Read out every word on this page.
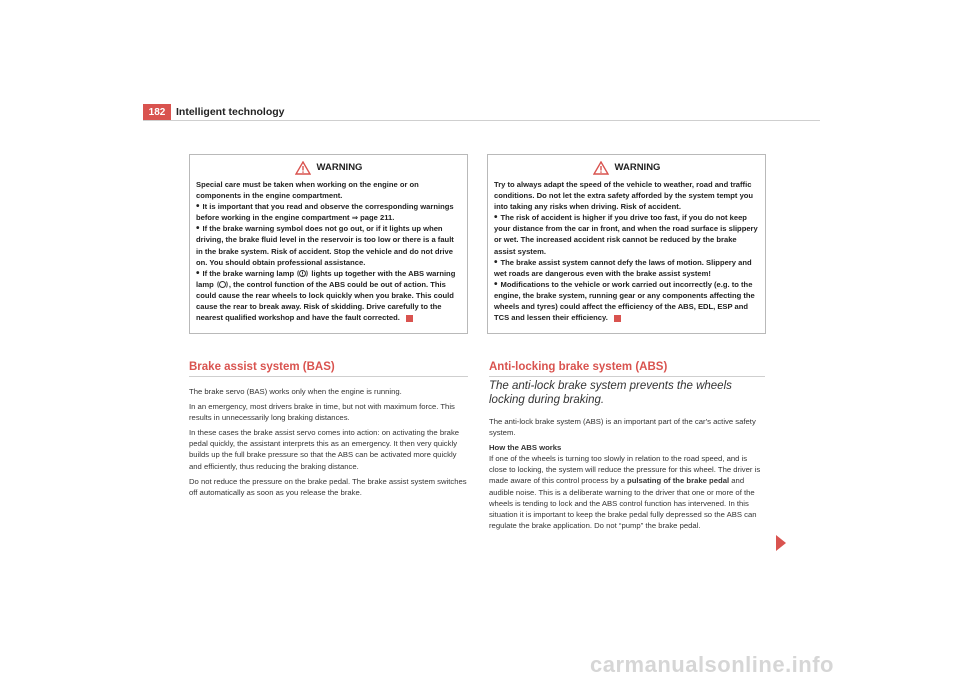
182	Intelligent technology
WARNING

Special care must be taken when working on the engine or on components in the engine compartment.

• It is important that you read and observe the corresponding warnings before working in the engine compartment ⇒ page 211.

• If the brake warning symbol does not go out, or if it lights up when driving, the brake fluid level in the reservoir is too low or there is a fault in the brake system. Risk of accident. Stop the vehicle and do not drive on. You should obtain professional assistance.

• If the brake warning lamp lights up together with the ABS warning lamp , the control function of the ABS could be out of action. This could cause the rear wheels to lock quickly when you brake. This could cause the rear to break away. Risk of skidding. Drive carefully to the nearest qualified workshop and have the fault corrected.

WARNING

Try to always adapt the speed of the vehicle to weather, road and traffic conditions. Do not let the extra safety afforded by the system tempt you into taking any risks when driving. Risk of accident.

• The risk of accident is higher if you drive too fast, if you do not keep your distance from the car in front, and when the road surface is slippery or wet. The increased accident risk cannot be reduced by the brake assist system.

• The brake assist system cannot defy the laws of motion. Slippery and wet roads are dangerous even with the brake assist system!

• Modifications to the vehicle or work carried out incorrectly (e.g. to the engine, the brake system, running gear or any components affecting the wheels and tyres) could affect the efficiency of the ABS, EDL, ESP and TCS and lessen their efficiency.

Brake assist system (BAS)

The brake servo (BAS) works only when the engine is running.

In an emergency, most drivers brake in time, but not with maximum force. This results in unnecessarily long braking distances.

In these cases the brake assist servo comes into action: on activating the brake pedal quickly, the assistant interprets this as an emergency. It then very quickly builds up the full brake pressure so that the ABS can be activated more quickly and efficiently, thus reducing the braking distance.

Do not reduce the pressure on the brake pedal. The brake assist system switches off automatically as soon as you release the brake.

Anti-locking brake system (ABS)
The anti-lock brake system prevents the wheels locking during braking.

The anti-lock brake system (ABS) is an important part of the car's active safety system.

How the ABS works

If one of the wheels is turning too slowly in relation to the road speed, and is close to locking, the system will reduce the pressure for this wheel. The driver is made aware of this control process by a pulsating of the brake pedal and audible noise. This is a deliberate warning to the driver that one or more of the wheels is tending to lock and the ABS control function has intervened. In this situation it is important to keep the brake pedal fully depressed so the ABS can regulate the brake application. Do not “pump” the brake pedal.

carmanualsonline.info
